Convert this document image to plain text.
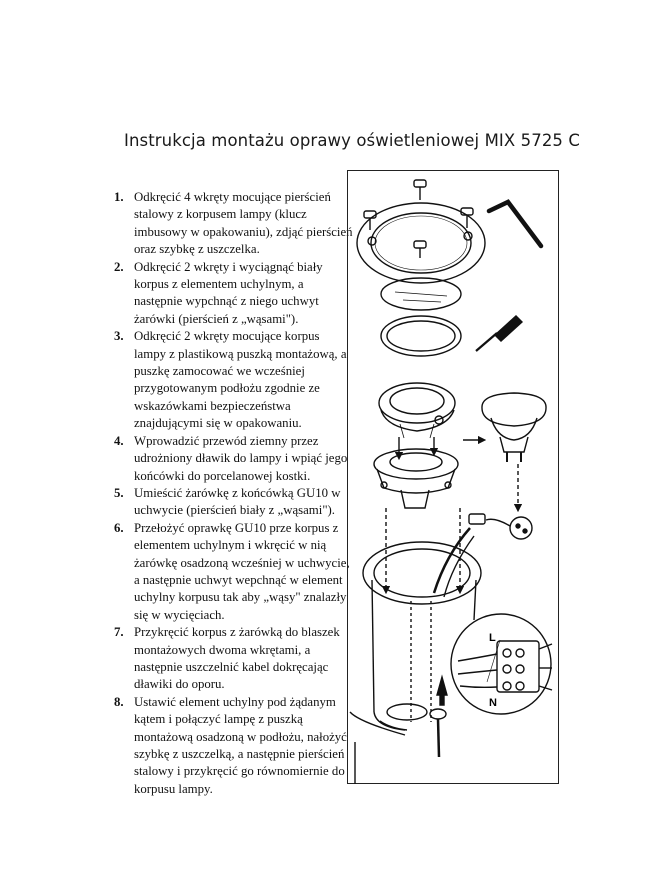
Instrukcja montażu oprawy oświetleniowej MIX 5725 C
1. Odkręcić 4 wkręty mocujące pierścień
stalowy z korpusem lampy (klucz
imbusowy w opakowaniu), zdjąć pierścień
oraz szybkę z uszczelka.
2. Odkręcić 2 wkręty i wyciągnąć biały
korpus z elementem uchylnym, a
następnie wypchnąć z niego uchwyt
żarówki (pierścień z „wąsami").
3. Odkręcić 2 wkręty mocujące korpus
lampy z plastikową puszką montażową, a
puszkę zamocować we wcześniej
przygotowanym podłożu zgodnie ze
wskazówkami bezpieczeństwa
znajdującymi się w opakowaniu.
4. Wprowadzić przewód ziemny przez
udrożniony dławik do lampy i wpiąć jego
końcówki do porcelanowej kostki.
5. Umieścić żarówkę z końcówką GU10 w
uchwycie (pierścień biały z „wąsami").
6. Przełożyć oprawkę GU10 prze korpus z
elementem uchylnym i wkręcić w nią
żarówkę osadzoną wcześniej w uchwycie,
a następnie uchwyt wepchnąć w element
uchylny korpusu tak aby „wąsy" znalazły
się w wycięciach.
7. Przykręcić korpus z żarówką do blaszek
montażowych dwoma wkrętami, a
następnie uszczelnić kabel dokręcając
dławiki do oporu.
8. Ustawić element uchylny pod żądanym
kątem i połączyć lampę z puszką
montażową osadzoną w podłożu, nałożyć
szybkę z uszczelką, a następnie pierścień
stalowy i przykręcić go równomiernie do
korpusu lampy.
L
N
